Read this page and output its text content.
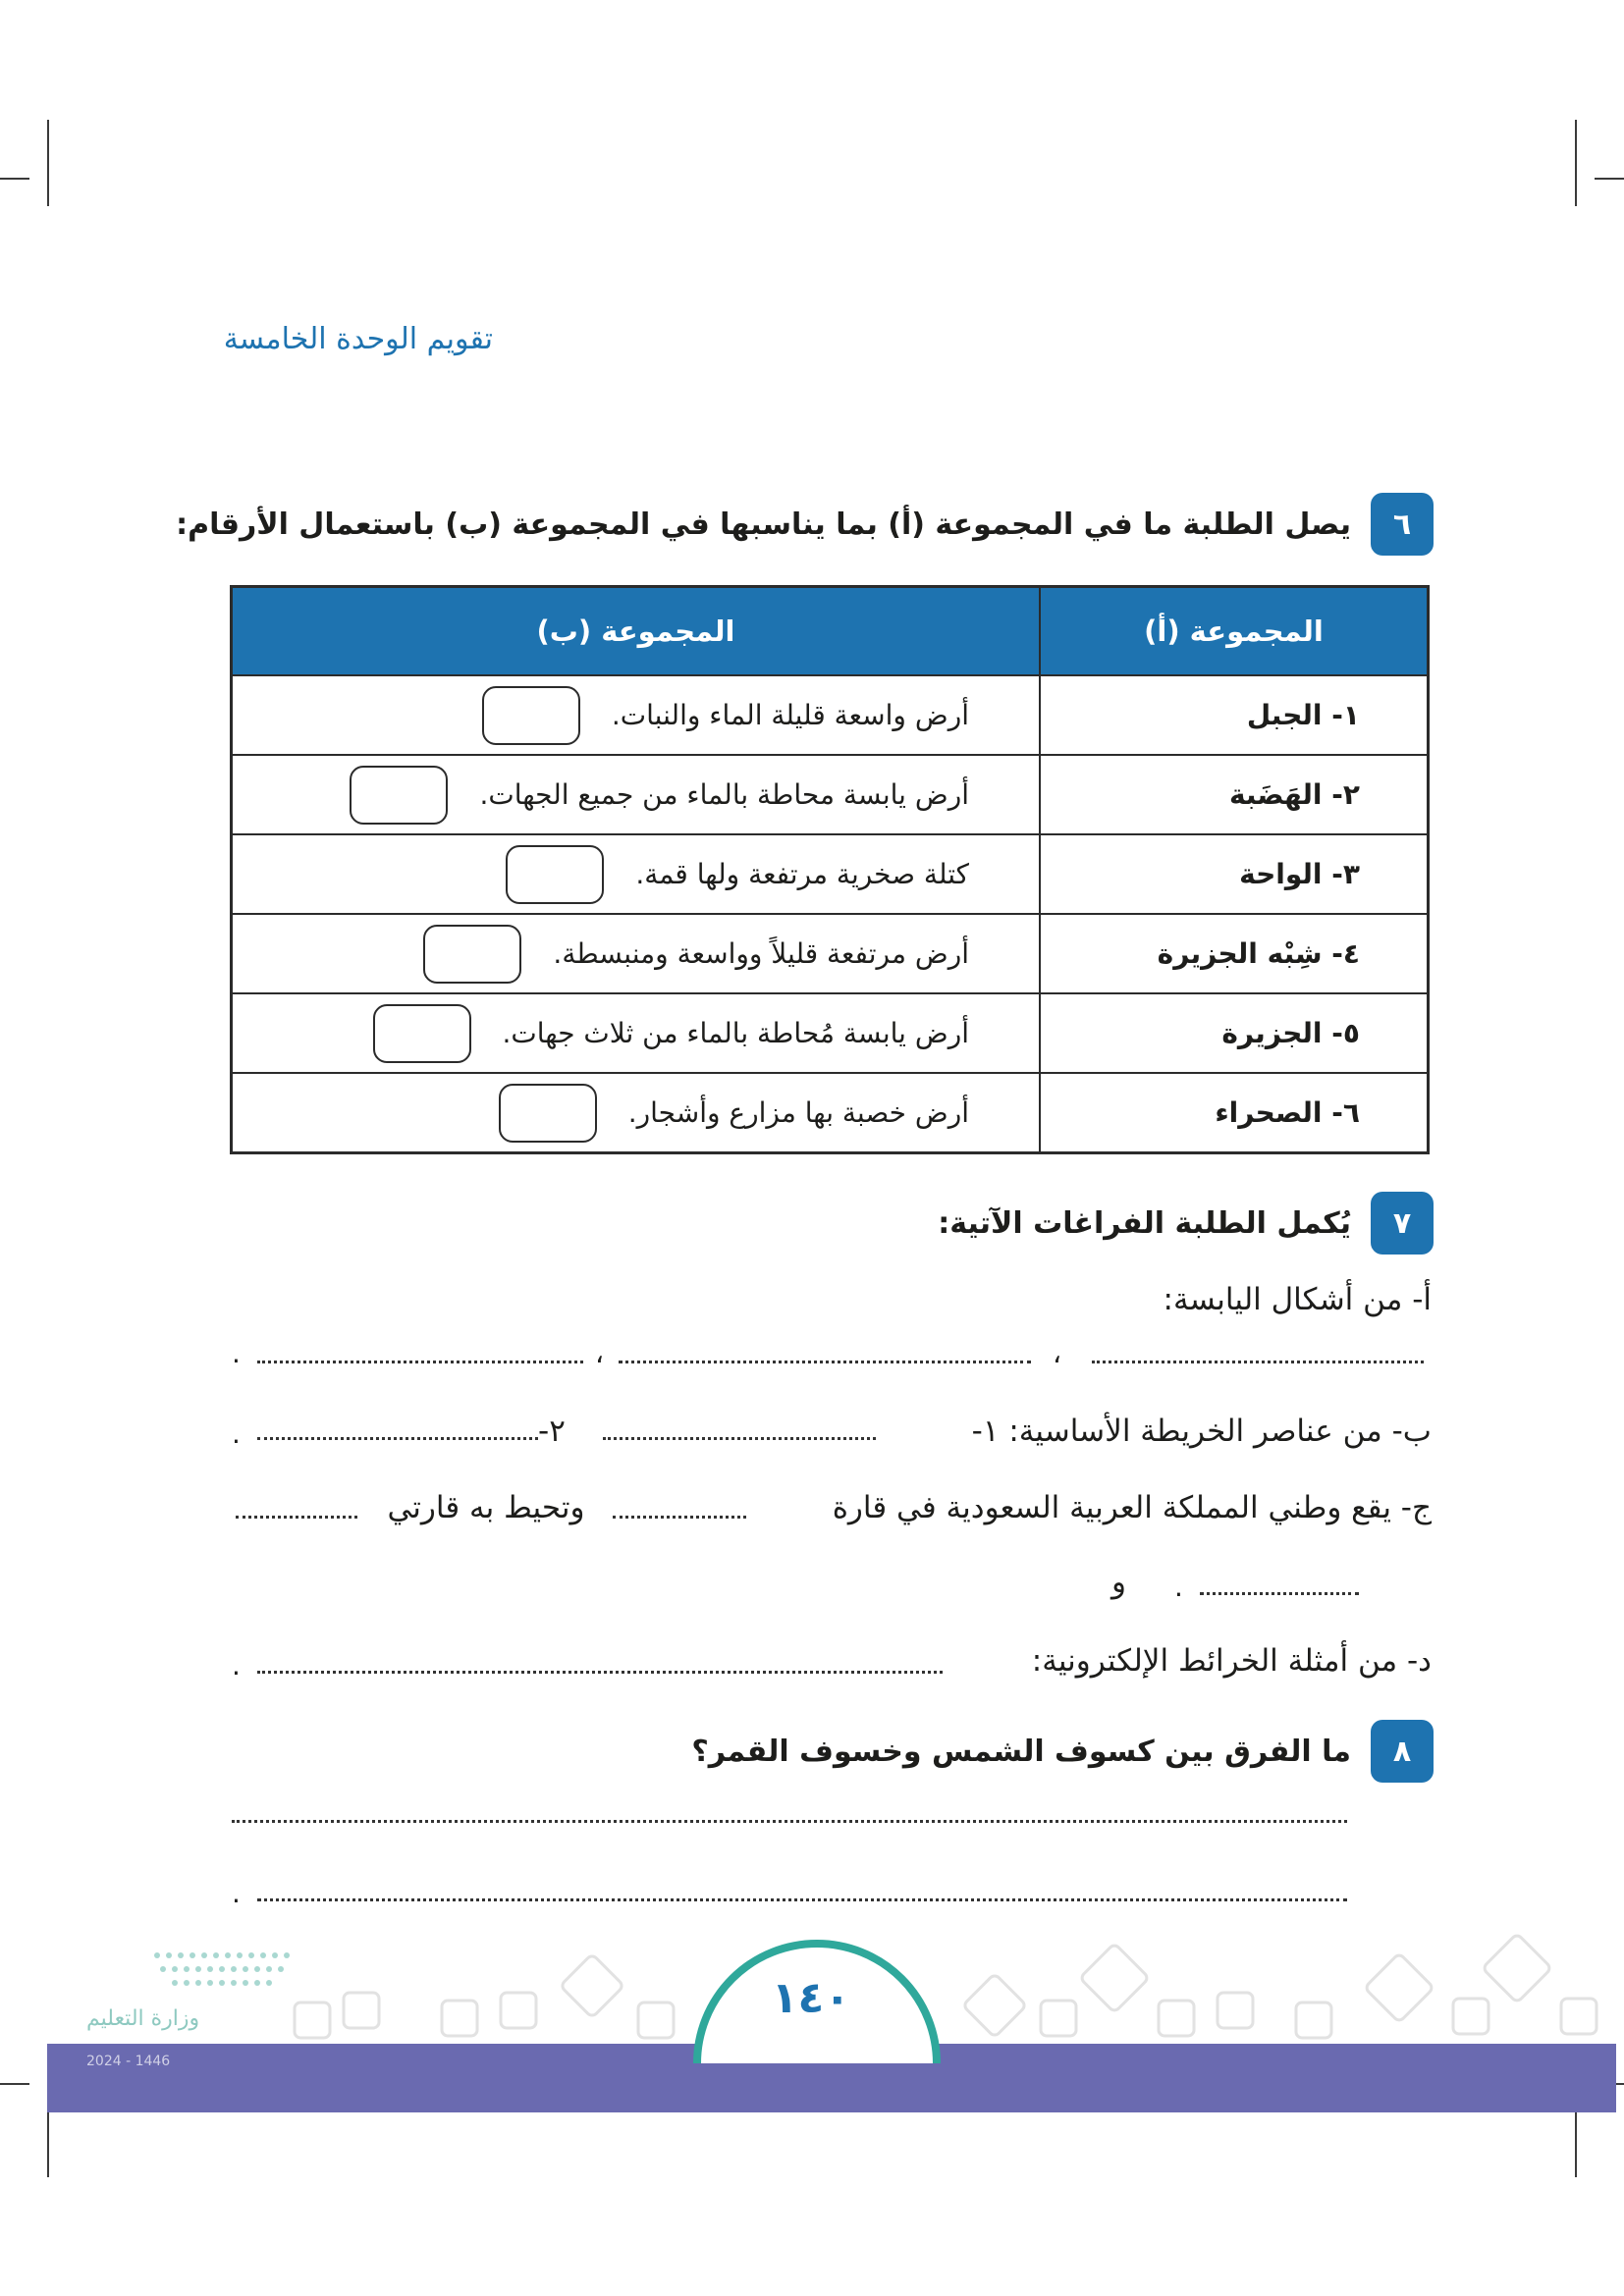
تقويم الوحدة الخامسة
٦
يصل الطلبة ما في المجموعة (أ) بما يناسبها في المجموعة (ب) باستعمال الأرقام:
المجموعة (أ)	المجموعة (ب)
١- الجبل	أرض واسعة قليلة الماء والنبات.

٢- الهَضَبة	أرض يابسة محاطة بالماء من جميع الجهات.

٣- الواحة	كتلة صخرية مرتفعة ولها قمة.

٤- شِبْه الجزيرة	أرض مرتفعة قليلاً وواسعة ومنبسطة.

٥- الجزيرة	أرض يابسة مُحاطة بالماء من ثلاث جهات.

٦- الصحراء	أرض خصبة بها مزارع وأشجار.
٧
يُكمل الطلبة الفراغات الآتية:
أ- من أشكال اليابسة:
،
،
.
ب- من عناصر الخريطة الأساسية: ١-
٢-
.
ج- يقع وطني المملكة العربية السعودية في قارة
وتحيط به قارتي
و .
د- من أمثلة الخرائط الإلكترونية:
.
٨
ما الفرق بين كسوف الشمس وخسوف القمر؟
.
وزارة التعليم
2024 - 1446
١٤٠
